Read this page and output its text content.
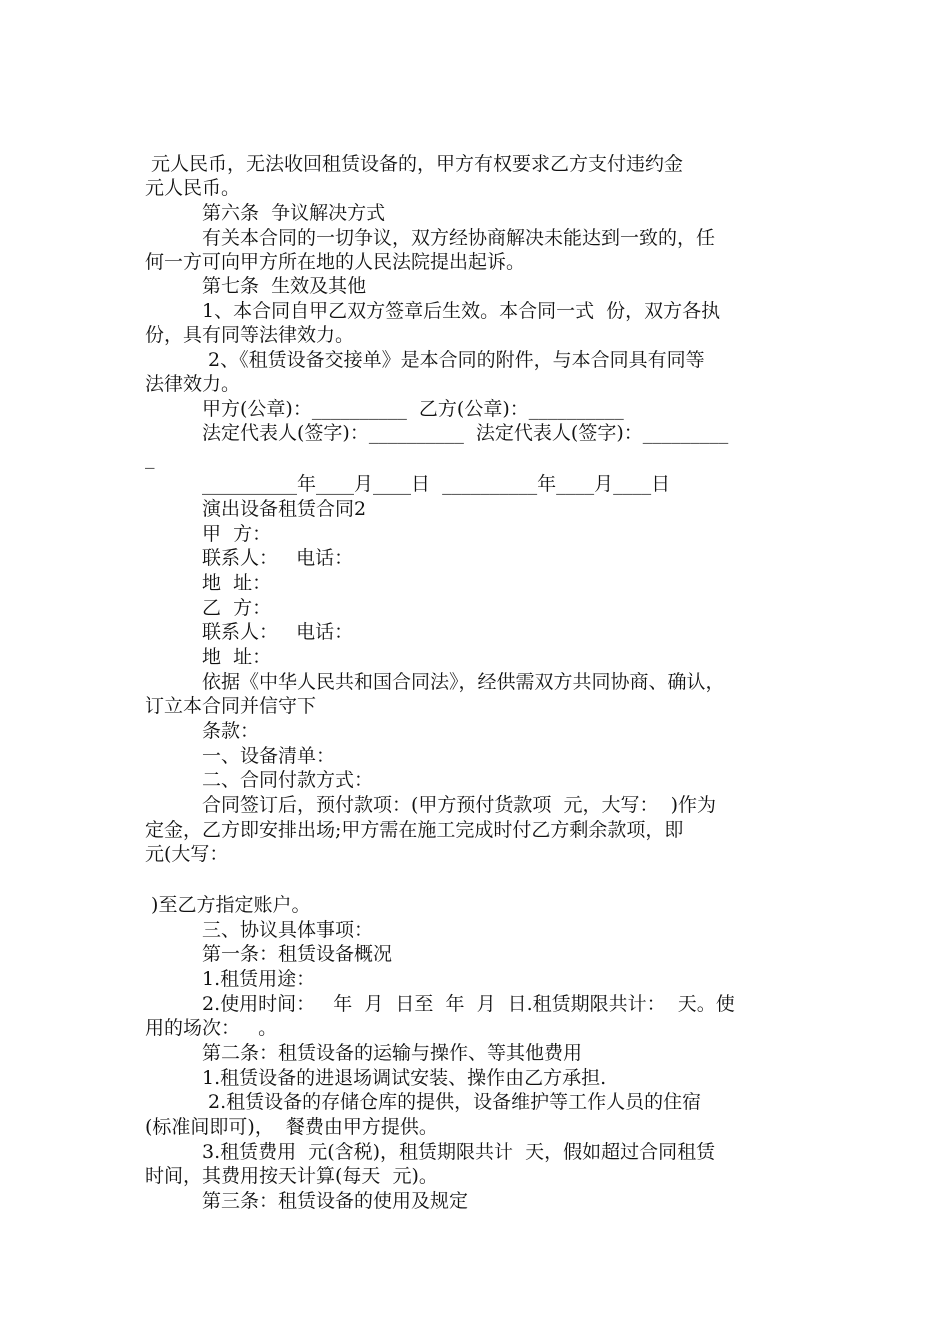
元人民币，无法收回租赁设备的，甲方有权要求乙方支付违约金
元人民币。
第六条  争议解决方式
有关本合同的一切争议，双方经协商解决未能达到一致的，任
何一方可向甲方所在地的人民法院提出起诉。
第七条  生效及其他
1、本合同自甲乙双方签章后生效。本合同一式  份，双方各执
份，具有同等法律效力。
2、《租赁设备交接单》是本合同的附件，与本合同具有同等
法律效力。
甲方(公章)：__________  乙方(公章)：__________
法定代表人(签字)：__________  法定代表人(签字)：_________
_
__________年____月____日  __________年____月____日
演出设备租赁合同2
甲  方：
联系人：   电话：
地  址：
乙  方：
联系人：   电话：
地  址：
依据《中华人民共和国合同法》，经供需双方共同协商、确认，
订立本合同并信守下
条款：
一、设备清单：
二、合同付款方式：
合同签订后，预付款项：(甲方预付货款项  元，大写：  )作为
定金，乙方即安排出场;甲方需在施工完成时付乙方剩余款项，即
元(大写：
)至乙方指定账户。
三、协议具体事项：
第一条：租赁设备概况
1.租赁用途：
2.使用时间：   年  月  日至  年  月  日.租赁期限共计：  天。使
用的场次：   。
第二条：租赁设备的运输与操作、等其他费用
1.租赁设备的进退场调试安装、操作由乙方承担.
2.租赁设备的存储仓库的提供，设备维护等工作人员的住宿
(标准间即可)，  餐费由甲方提供。
3.租赁费用  元(含税)，租赁期限共计  天，假如超过合同租赁
时间，其费用按天计算(每天  元)。
第三条：租赁设备的使用及规定
